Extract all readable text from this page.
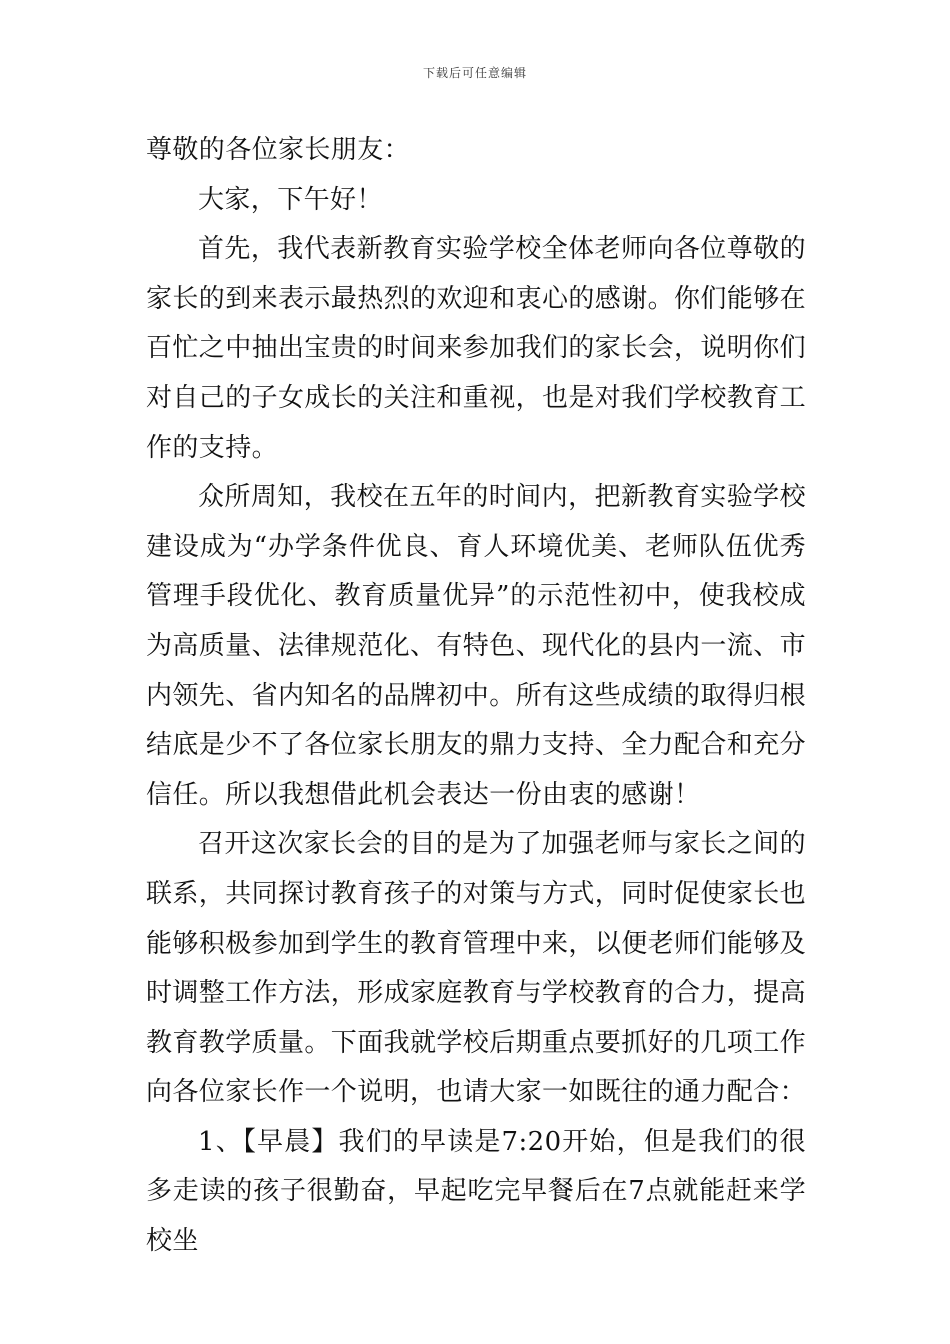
下载后可任意编辑

尊敬的各位家长朋友：

大家，下午好！

首先，我代表新教育实验学校全体老师向各位尊敬的家长的到来表示最热烈的欢迎和衷心的感谢。你们能够在百忙之中抽出宝贵的时间来参加我们的家长会，说明你们对自己的子女成长的关注和重视，也是对我们学校教育工作的支持。

众所周知，我校在五年的时间内，把新教育实验学校建设成为“办学条件优良、育人环境优美、老师队伍优秀管理手段优化、教育质量优异”的示范性初中，使我校成为高质量、法律规范化、有特色、现代化的县内一流、市内领先、省内知名的品牌初中。所有这些成绩的取得归根结底是少不了各位家长朋友的鼎力支持、全力配合和充分信任。所以我想借此机会表达一份由衷的感谢！

召开这次家长会的目的是为了加强老师与家长之间的联系，共同探讨教育孩子的对策与方式，同时促使家长也能够积极参加到学生的教育管理中来，以便老师们能够及时调整工作方法，形成家庭教育与学校教育的合力，提高教育教学质量。下面我就学校后期重点要抓好的几项工作向各位家长作一个说明，也请大家一如既往的通力配合：

1、【早晨】我们的早读是7:20开始，但是我们的很多走读的孩子很勤奋，早起吃完早餐后在7点就能赶来学校坐
